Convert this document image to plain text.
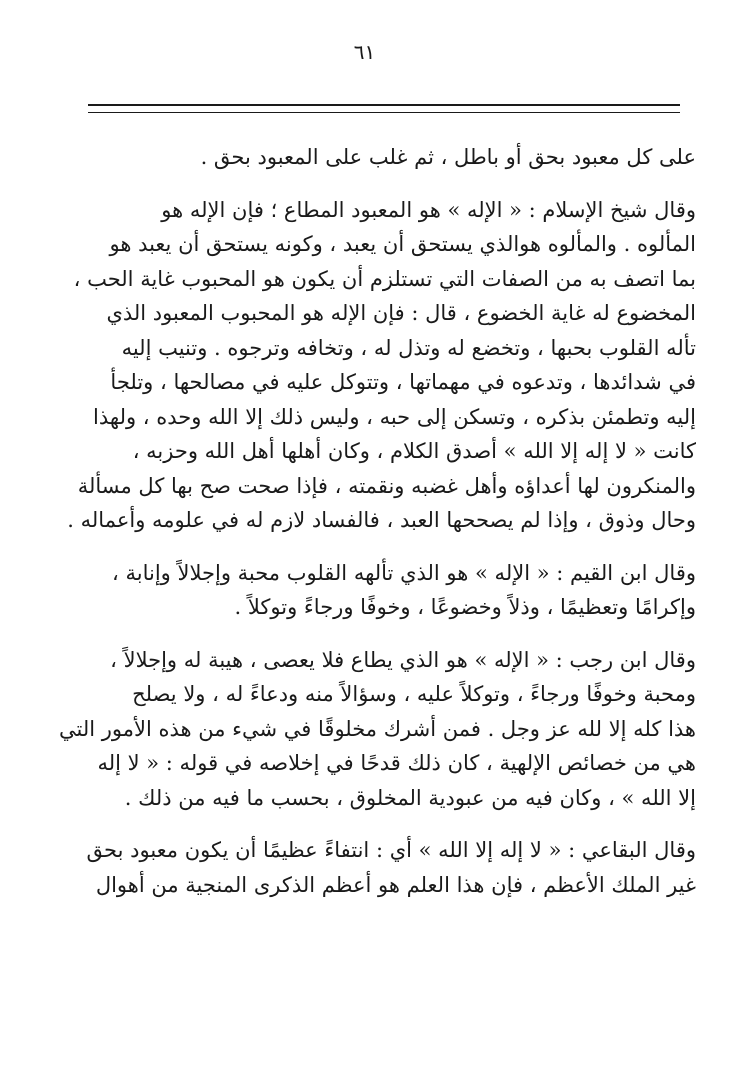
٦١

على كل معبود بحق أو باطل ، ثم غلب على المعبود بحق .

وقال شيخ الإسلام : « الإله » هو المعبود المطاع ؛ فإن الإله هو
المألوه . والمألوه هوالذي يستحق أن يعبد ، وكونه يستحق أن يعبد هو
بما اتصف به من الصفات التي تستلزم أن يكون هو المحبوب غاية الحب ،
المخضوع له غاية الخضوع ، قال : فإن الإله هو المحبوب المعبود الذي
تأله القلوب بحبها ، وتخضع له وتذل له ، وتخافه وترجوه . وتنيب إليه
في شدائدها ، وتدعوه في مهماتها ، وتتوكل عليه في مصالحها ، وتلجأ
إليه وتطمئن بذكره ، وتسكن إلى حبه ، وليس ذلك إلا الله وحده ، ولهذا
كانت « لا إله إلا الله » أصدق الكلام ، وكان أهلها أهل الله وحزبه ،
والمنكرون لها أعداؤه وأهل غضبه ونقمته ، فإذا صحت صح بها كل مسألة
وحال وذوق ، وإذا لم يصححها العبد ، فالفساد لازم له في علومه وأعماله .

وقال ابن القيم : « الإله » هو الذي تألهه القلوب محبة وإجلالاً وإنابة ،
وإكرامًا وتعظيمًا ، وذلاً وخضوعًا ، وخوفًا ورجاءً وتوكلاً .

وقال ابن رجب : « الإله » هو الذي يطاع فلا يعصى ، هيبة له وإجلالاً ،
ومحبة وخوفًا ورجاءً ، وتوكلاً عليه ، وسؤالاً منه ودعاءً له ، ولا يصلح
هذا كله إلا لله عز وجل . فمن أشرك مخلوقًا في شيء من هذه الأمور التي
هي من خصائص الإلهية ، كان ذلك قدحًا في إخلاصه في قوله : « لا إله
إلا الله » ، وكان فيه من عبودية المخلوق ، بحسب ما فيه من ذلك .

وقال البقاعي : « لا إله إلا الله » أي : انتفاءً عظيمًا أن يكون معبود بحق
غير الملك الأعظم ، فإن هذا العلم هو أعظم الذكرى المنجية من أهوال
